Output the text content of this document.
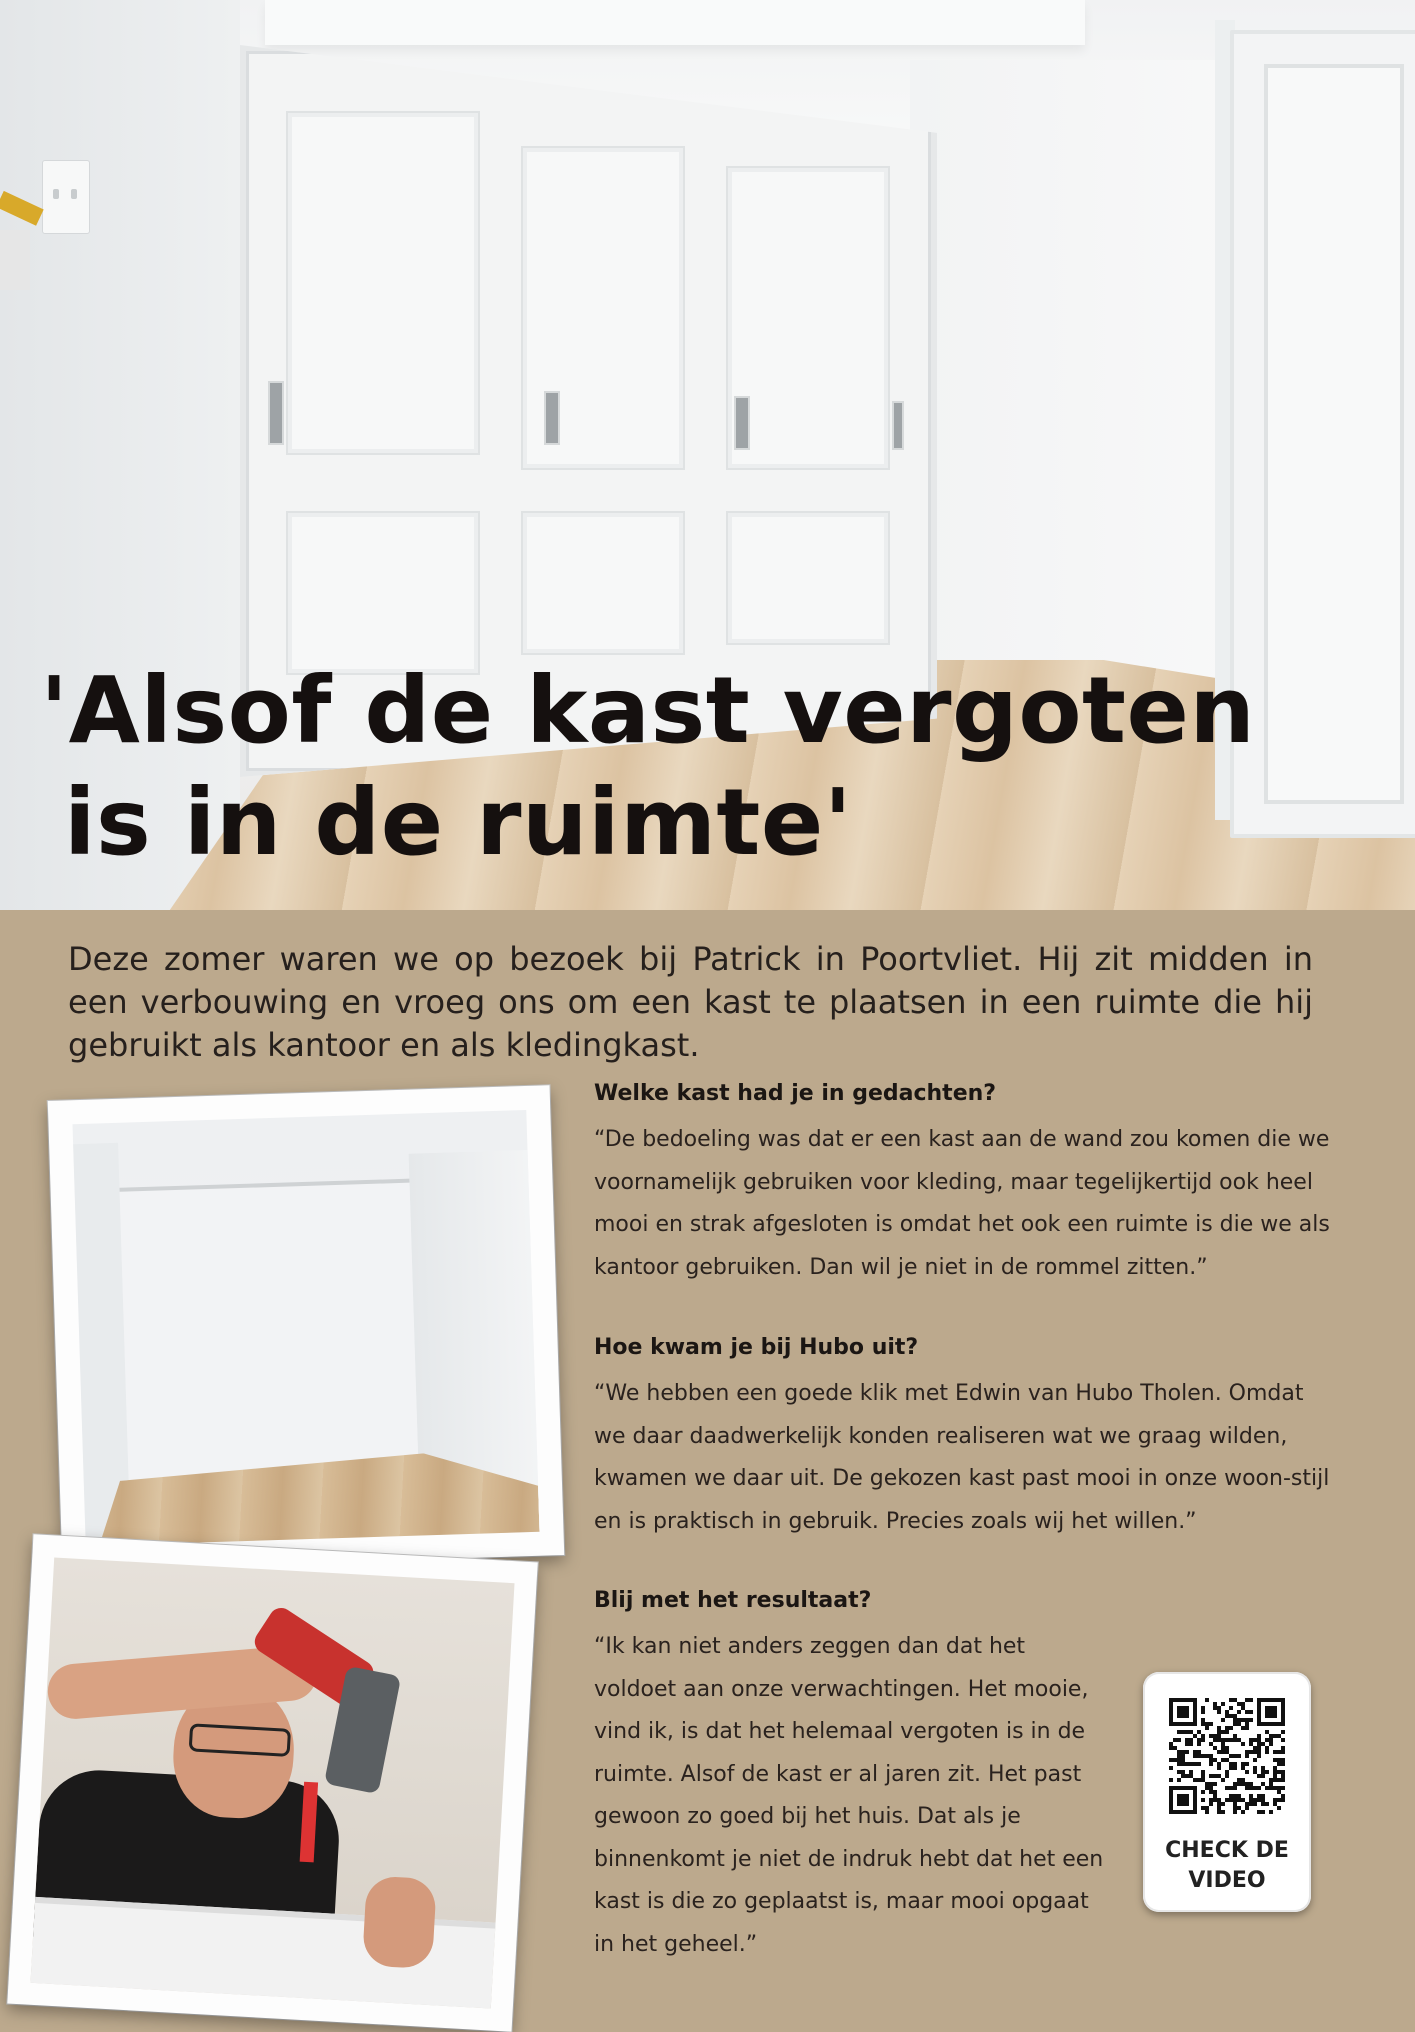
'Alsof de kast vergoten
is in de ruimte'

Deze zomer waren we op bezoek bij Patrick in Poortvliet. Hij zit midden in een verbouwing en vroeg ons om een kast te plaatsen in een ruimte die hij gebruikt als kantoor en als kledingkast.

Welke kast had je in gedachten?

“De bedoeling was dat er een kast aan de wand zou komen die we voornamelijk gebruiken voor kleding, maar tegelijkertijd ook heel mooi en strak afgesloten is omdat het ook een ruimte is die we als kantoor gebruiken. Dan wil je niet in de rommel zitten.”

Hoe kwam je bij Hubo uit?

“We hebben een goede klik met Edwin van Hubo Tholen. Omdat we daar daadwerkelijk konden realiseren wat we graag wilden, kwamen we daar uit. De gekozen kast past mooi in onze woon-stijl en is praktisch in gebruik. Precies zoals wij het willen.”

Blij met het resultaat?

“Ik kan niet anders zeggen dan dat het voldoet aan onze verwachtingen. Het mooie, vind ik, is dat het helemaal vergoten is in de ruimte. Alsof de kast er al jaren zit. Het past gewoon zo goed bij het huis. Dat als je binnenkomt je niet de indruk hebt dat het een kast is die zo geplaatst is, maar mooi opgaat in het geheel.”

CHECK DE VIDEO
